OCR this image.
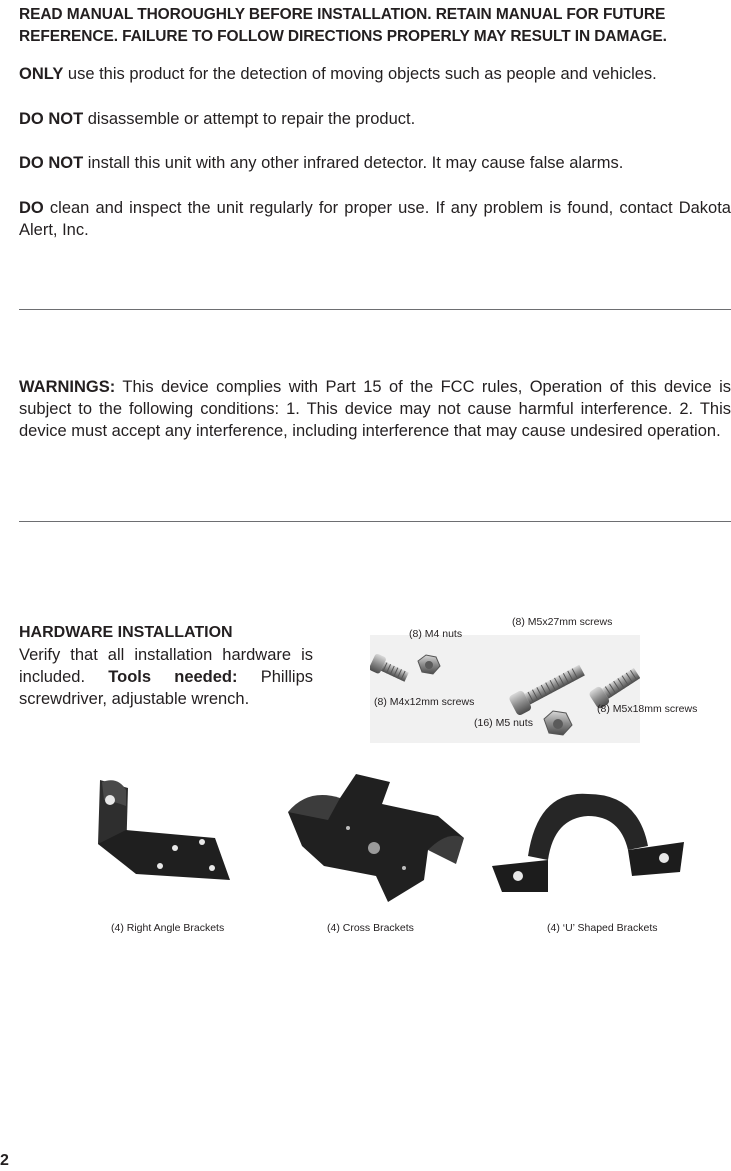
READ MANUAL THOROUGHLY BEFORE INSTALLATION. RETAIN MANUAL FOR FUTURE
REFERENCE. FAILURE TO FOLLOW DIRECTIONS PROPERLY MAY RESULT IN DAMAGE.

ONLY use this product for the detection of moving objects such as people and vehicles.

DO NOT disassemble or attempt to repair the product.

DO NOT install this unit with any other infrared detector. It may cause false alarms.

DO clean and inspect the unit regularly for proper use. If any problem is found, contact Dakota Alert, Inc.

WARNINGS: This device complies with Part 15 of the FCC rules, Operation of this device is subject to the following conditions: 1. This device may not cause harmful interference. 2. This device must accept any interference, including interference that may cause undesired operation.

HARDWARE INSTALLATION

Verify that all installation hardware is included. Tools needed: Phillips screwdriver, adjustable wrench.

(8) M4 nuts
(8) M5x27mm screws
(8) M4x12mm screws
(8) M5x18mm screws
(16) M5 nuts
(4) Right Angle Brackets	(4) Cross Brackets	(4) ‘U’ Shaped Brackets
2
